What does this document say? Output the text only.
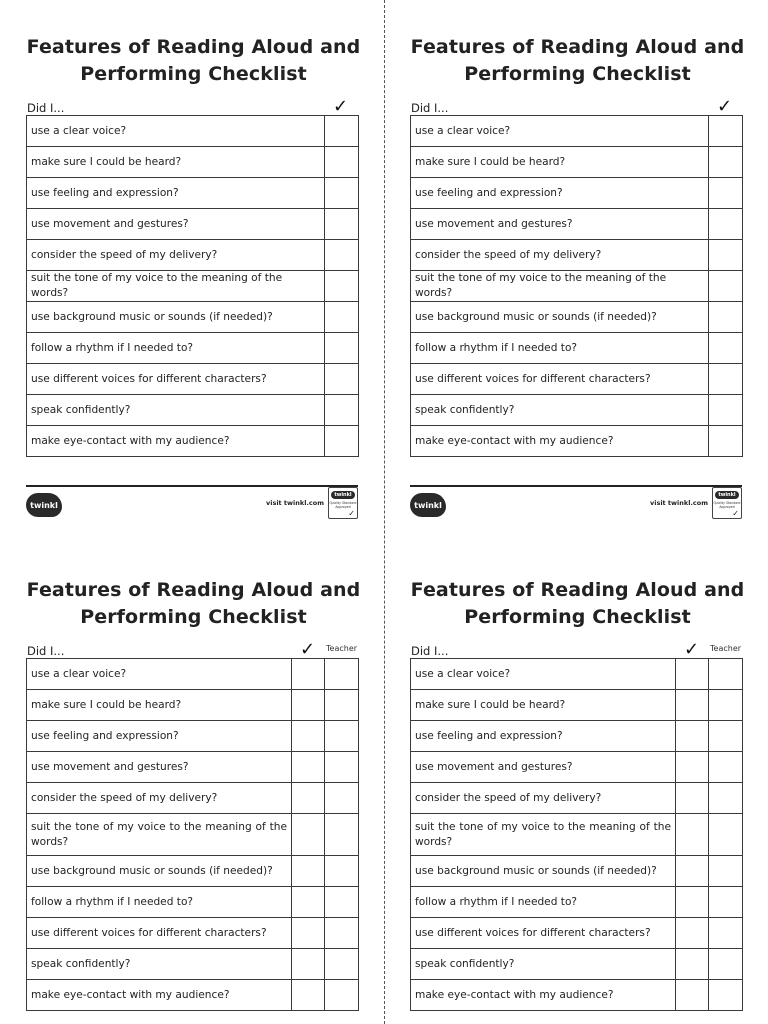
Features of Reading Aloud and Performing Checklist
Did I...	✓
use a clear voice?	
make sure I could be heard?	
use feeling and expression?	
use movement and gestures?	
consider the speed of my delivery?	
suit the tone of my voice to the meaning of the words?	
use background music or sounds (if needed)?	
follow a rhythm if I needed to?	
use different voices for different characters?	
speak confidently?	
make eye-contact with my audience?	
twinkl	visit twinkl.com
twinkl
Quality Standard Approved
✓
Features of Reading Aloud and Performing Checklist
Did I...	✓
use a clear voice?	
make sure I could be heard?	
use feeling and expression?	
use movement and gestures?	
consider the speed of my delivery?	
suit the tone of my voice to the meaning of the words?	
use background music or sounds (if needed)?	
follow a rhythm if I needed to?	
use different voices for different characters?	
speak confidently?	
make eye-contact with my audience?	
twinkl	visit twinkl.com
twinkl
Quality Standard Approved
✓
Features of Reading Aloud and Performing Checklist
Did I...	✓ Teacher
use a clear voice?		
make sure I could be heard?		
use feeling and expression?		
use movement and gestures?		
consider the speed of my delivery?		
suit the tone of my voice to the meaning of the words?		
use background music or sounds (if needed)?		
follow a rhythm if I needed to?		
use different voices for different characters?		
speak confidently?		
make eye-contact with my audience?		
Features of Reading Aloud and Performing Checklist
Did I...	✓ Teacher
use a clear voice?		
make sure I could be heard?		
use feeling and expression?		
use movement and gestures?		
consider the speed of my delivery?		
suit the tone of my voice to the meaning of the words?		
use background music or sounds (if needed)?		
follow a rhythm if I needed to?		
use different voices for different characters?		
speak confidently?		
make eye-contact with my audience?		
